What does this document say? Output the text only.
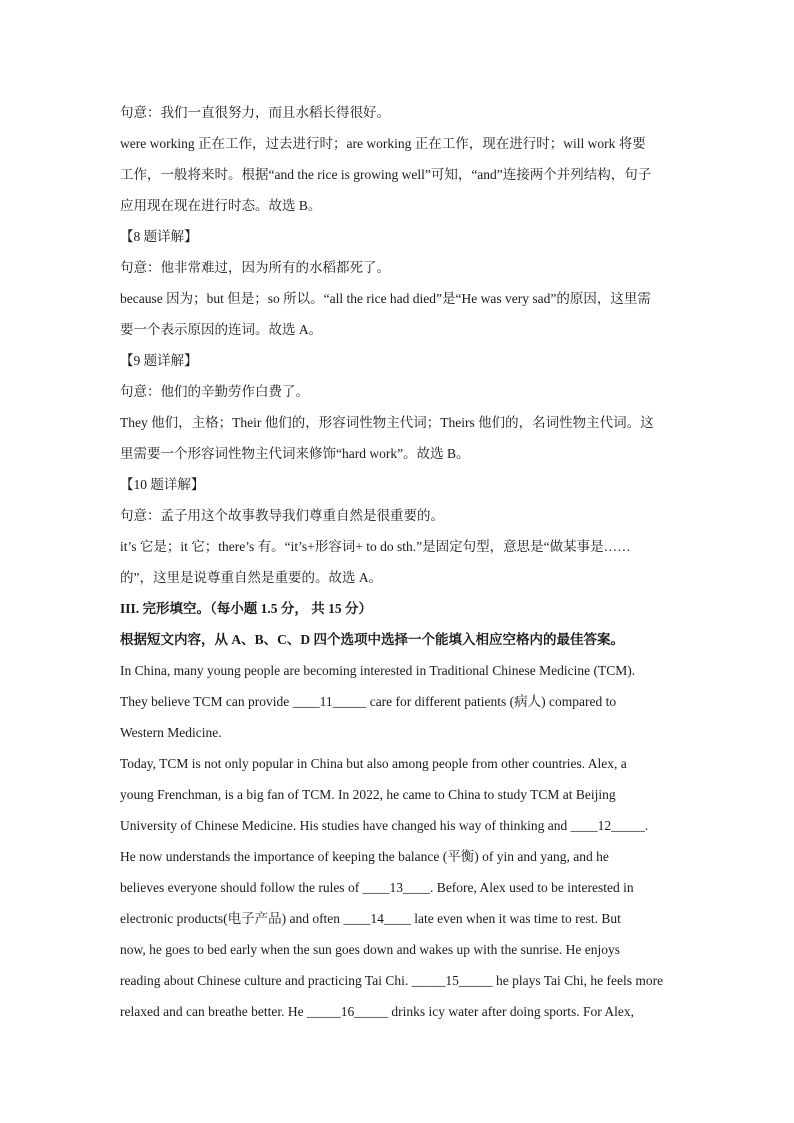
句意：我们一直很努力，而且水稻长得很好。
were working 正在工作，过去进行时；are working 正在工作，现在进行时；will work 将要
工作，一般将来时。根据“and the rice is growing well”可知，“and”连接两个并列结构，句子
应用现在现在进行时态。故选 B。
【8 题详解】
句意：他非常难过，因为所有的水稻都死了。
because 因为；but 但是；so 所以。“all the rice had died”是“He was very sad”的原因，这里需
要一个表示原因的连词。故选 A。
【9 题详解】
句意：他们的辛勤劳作白费了。
They 他们，主格；Their 他们的，形容词性物主代词；Theirs 他们的，名词性物主代词。这
里需要一个形容词性物主代词来修饰“hard work”。故选 B。
【10 题详解】
句意：孟子用这个故事教导我们尊重自然是很重要的。
it’s 它是；it 它；there’s 有。“it’s+形容词+ to do sth.”是固定句型，意思是“做某事是……
的”，这里是说尊重自然是重要的。故选 A。
III. 完形填空。（每小题 1.5 分， 共 15 分）
根据短文内容，从 A、B、C、D 四个选项中选择一个能填入相应空格内的最佳答案。
In China, many young people are becoming interested in Traditional Chinese Medicine (TCM).
They believe TCM can provide ____11_____ care for different patients (病人) compared to
Western Medicine.
Today, TCM is not only popular in China but also among people from other countries. Alex, a
young Frenchman, is a big fan of TCM. In 2022, he came to China to study TCM at Beijing
University of Chinese Medicine. His studies have changed his way of thinking and ____12_____.
He now understands the importance of keeping the balance (平衡) of yin and yang, and he
believes everyone should follow the rules of ____13____. Before, Alex used to be interested in
electronic products(电子产品) and often ____14____ late even when it was time to rest. But
now, he goes to bed early when the sun goes down and wakes up with the sunrise. He enjoys
reading about Chinese culture and practicing Tai Chi. _____15_____ he plays Tai Chi, he feels more
relaxed and can breathe better. He _____16_____ drinks icy water after doing sports. For Alex,
